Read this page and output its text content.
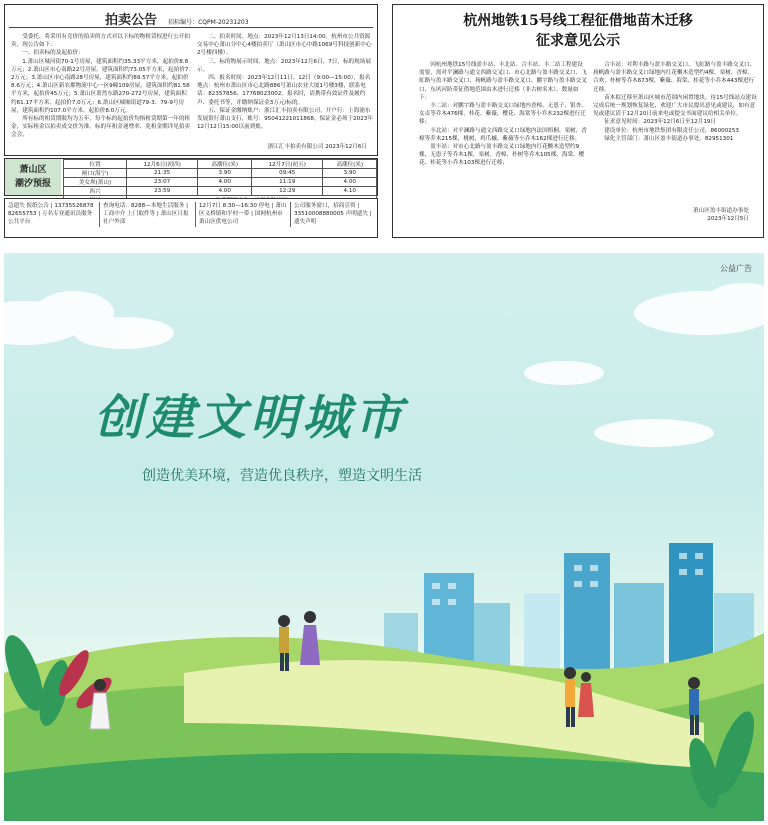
拍卖公告 招标编号：CQPM-20231203

受委托，将采用有竞价的拍卖的方式对以下标的物租赁权进行公开拍卖，现公告如下：

一、拍卖标的及起拍价：

1.萧山区城河街70-1号房屋，建筑面积约35.33平方米，起拍价8.8万元；2.萧山区市心南路22号房屋，建筑面积约73.05平方米，起拍价7.2万元；3.萧山区市心南路28号房屋，建筑面积约89.57平方米，起拍价8.6万元；4.萧山区新农都物流中心一区9幢109房屋，建筑面积约81.58平方米，起拍价45万元；5.萧山区萧然东路270-272号房屋，建筑面积约61.17平方米，起拍价7.0万元；6.萧山区城厢街道79-3、79-9号房屋，建筑面积约107.0平方米，起拍价8.0万元。

所有标的租赁期限均为五年，每个标的起拍价均指租赁期第一年的租金，实际租金以拍卖成交价为准。标的年租金递增率、免租金期详见拍卖会会。

二、拍卖时间、地点：2023年12月13日14:00，杭州市公共资源交易中心萧山分中心4楼拍卖厅（萧山区市心中路1069号科技创新中心2号楼四楼）。

三、标的物展示时间、地点：2023年12月6日、7日，标的现场展示。

四、报名时间：2023年12月11日、12日（9:00—15:00），报名地点：杭州市萧山区市心北路886号萧山农业大厦1号楼3楼，联系电话：82357856、17768023002。报名时，请携带有效证件及履约声、委托书等，并缴纳保证金3万元/标的。

五、保证金缴纳账户：浙江汇丰拍卖有限公司，开户行：上海浦东发展银行萧山支行，账号：95041221011868。保证金必须于2023年12月12日15:00以前到账。

浙江汇丰拍卖有限公司 2023年12月6日
萧山区
潮汐预报
位置	12月6日(初四)	高潮位(米)	12月7日(初五)	高潮位(米)
闸口(海宁)	21:35	3.90	09:45	3.90
美女坝(萧山)	23:07	4.00	11:19	4.00
西兴	23:59	4.00	12:29	4.10

急遗失 报纸公告 | 13735526878 82655753 | 万名专业通讯员服务公共平台
查询电话：8288—本地生活服务 | 工商中介 上门取件等 | 萧山区日报社户外部
12月7日 8:30—16:30 停电 | 萧山区义桥镇和平村一带 | 国网杭州市萧山区供电公司
公司服务窗口，招商引资 | 33510008880005 声明遗失 | 遗失声明
杭州地铁15号线工程征借地苗木迁移
征求意见公示

因杭州地铁15号线盈丰站、丰北站、合丰站、丰二站工程建设需要，需对平澜路与通文西路交叉口、市心北路与盈丰路交叉口、飞虹路与盈丰路交叉口、扬帆路与盈丰路交叉口、鹏宇路与盈丰路交叉口，东风河防带征借地范围由木进行迁移（非古树名木），数量如下：

丰二站：对鹏宇路与盈丰路交叉口绿地内香樟、无患子、银杏、女贞等乔木476棵，桂花、紫薇、樱花、海棠等小乔木232棵进行迁移；

丰北站：对平澜路与通文西路交叉口绿地内法国梧桐、栾树、香樟等乔木215棵，桃树、鸡爪槭、紫薇等小乔木162棵进行迁移；

盈丰站：对市心北路与盈丰路交叉口绿地内红花檵木造型约9棵，无患子等乔木1棵，栾树、香樟、朴树等乔木105棵，海棠、樱花、桂花等小乔木103棵进行迁移；

合丰站：对利丰路与盈丰路交叉口、飞虹路与盈丰路交叉口、扬帆路与盈丰路交叉口绿地内红花檵木造型约4棵，栾树、香樟、合欢、朴树等乔木673棵，紫薇、海棠、桂花等小乔木443棵进行迁移。

苗木拟迁移至萧山区城市范围内闲置地块，待15号线站点建设完成后统一规划恢复绿化，欢迎广大市民提出意见或建议，如有意见或建议请于12月20日前来电或提交书面建议给相关单位。

征求意见时间：2023年12月6日至12月19日

建设单位：杭州市地铁集团有限责任公司，86000253

绿化主管部门：萧山区盈丰街道办事处，82951301

萧山区盈丰街道办事处
2023年12月5日
公益广告
创建文明城市
创造优美环境，营造优良秩序，塑造文明生活
